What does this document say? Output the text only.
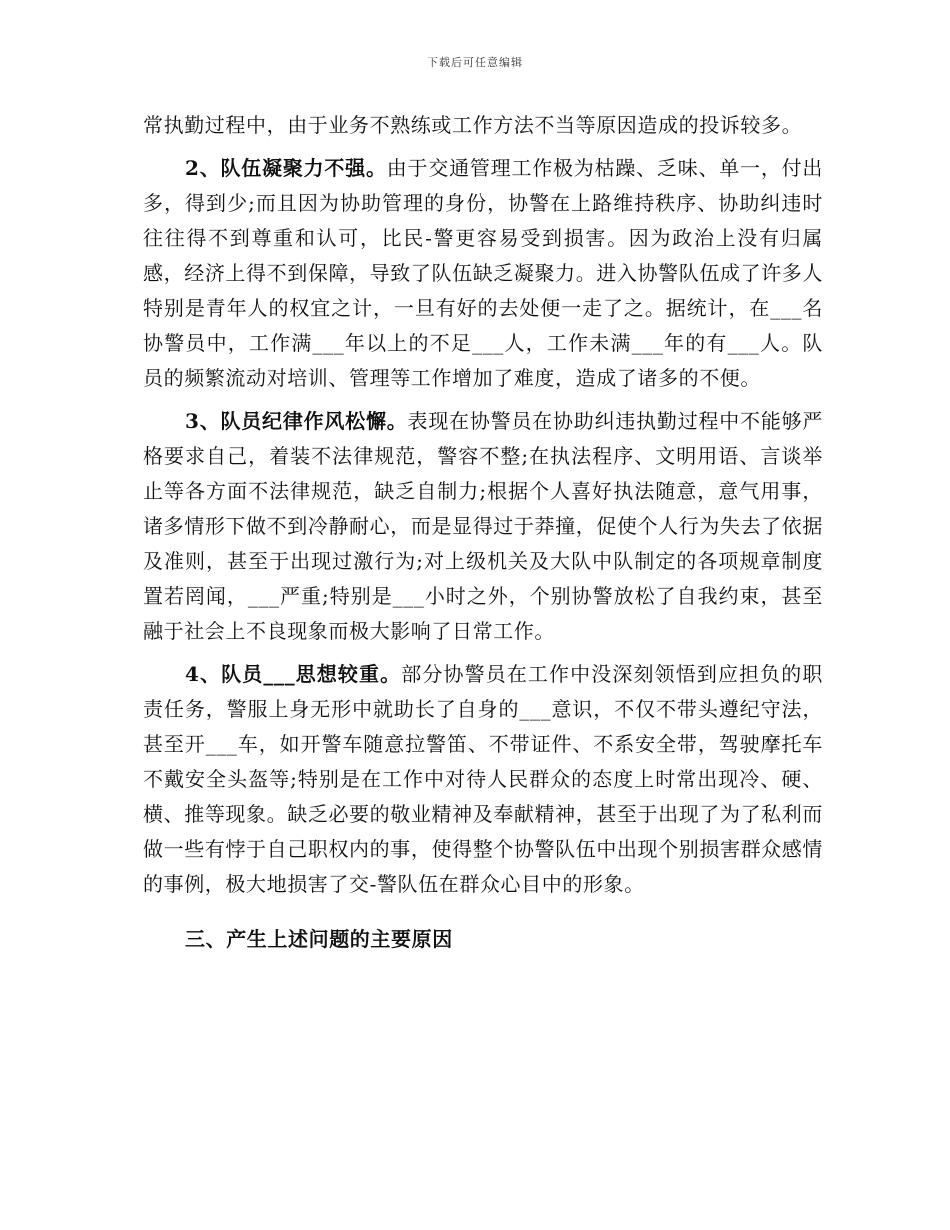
下载后可任意编辑

常执勤过程中，由于业务不熟练或工作方法不当等原因造成的投诉较多。

2、队伍凝聚力不强。由于交通管理工作极为枯躁、乏味、单一，付出多，得到少;而且因为协助管理的身份，协警在上路维持秩序、协助纠违时往往得不到尊重和认可，比民-警更容易受到损害。因为政治上没有归属感，经济上得不到保障，导致了队伍缺乏凝聚力。进入协警队伍成了许多人特别是青年人的权宜之计，一旦有好的去处便一走了之。据统计，在___名协警员中，工作满___年以上的不足___人，工作未满___年的有___人。队员的频繁流动对培训、管理等工作增加了难度，造成了诸多的不便。

3、队员纪律作风松懈。表现在协警员在协助纠违执勤过程中不能够严格要求自己，着装不法律规范，警容不整;在执法程序、文明用语、言谈举止等各方面不法律规范，缺乏自制力;根据个人喜好执法随意，意气用事，诸多情形下做不到冷静耐心，而是显得过于莽撞，促使个人行为失去了依据及准则，甚至于出现过激行为;对上级机关及大队中队制定的各项规章制度置若罔闻，___严重;特别是___小时之外，个别协警放松了自我约束，甚至融于社会上不良现象而极大影响了日常工作。

4、队员___思想较重。部分协警员在工作中没深刻领悟到应担负的职责任务，警服上身无形中就助长了自身的___意识，不仅不带头遵纪守法，甚至开___车，如开警车随意拉警笛、不带证件、不系安全带，驾驶摩托车不戴安全头盔等;特别是在工作中对待人民群众的态度上时常出现冷、硬、横、推等现象。缺乏必要的敬业精神及奉献精神，甚至于出现了为了私利而做一些有悖于自己职权内的事，使得整个协警队伍中出现个别损害群众感情的事例，极大地损害了交-警队伍在群众心目中的形象。

三、产生上述问题的主要原因
